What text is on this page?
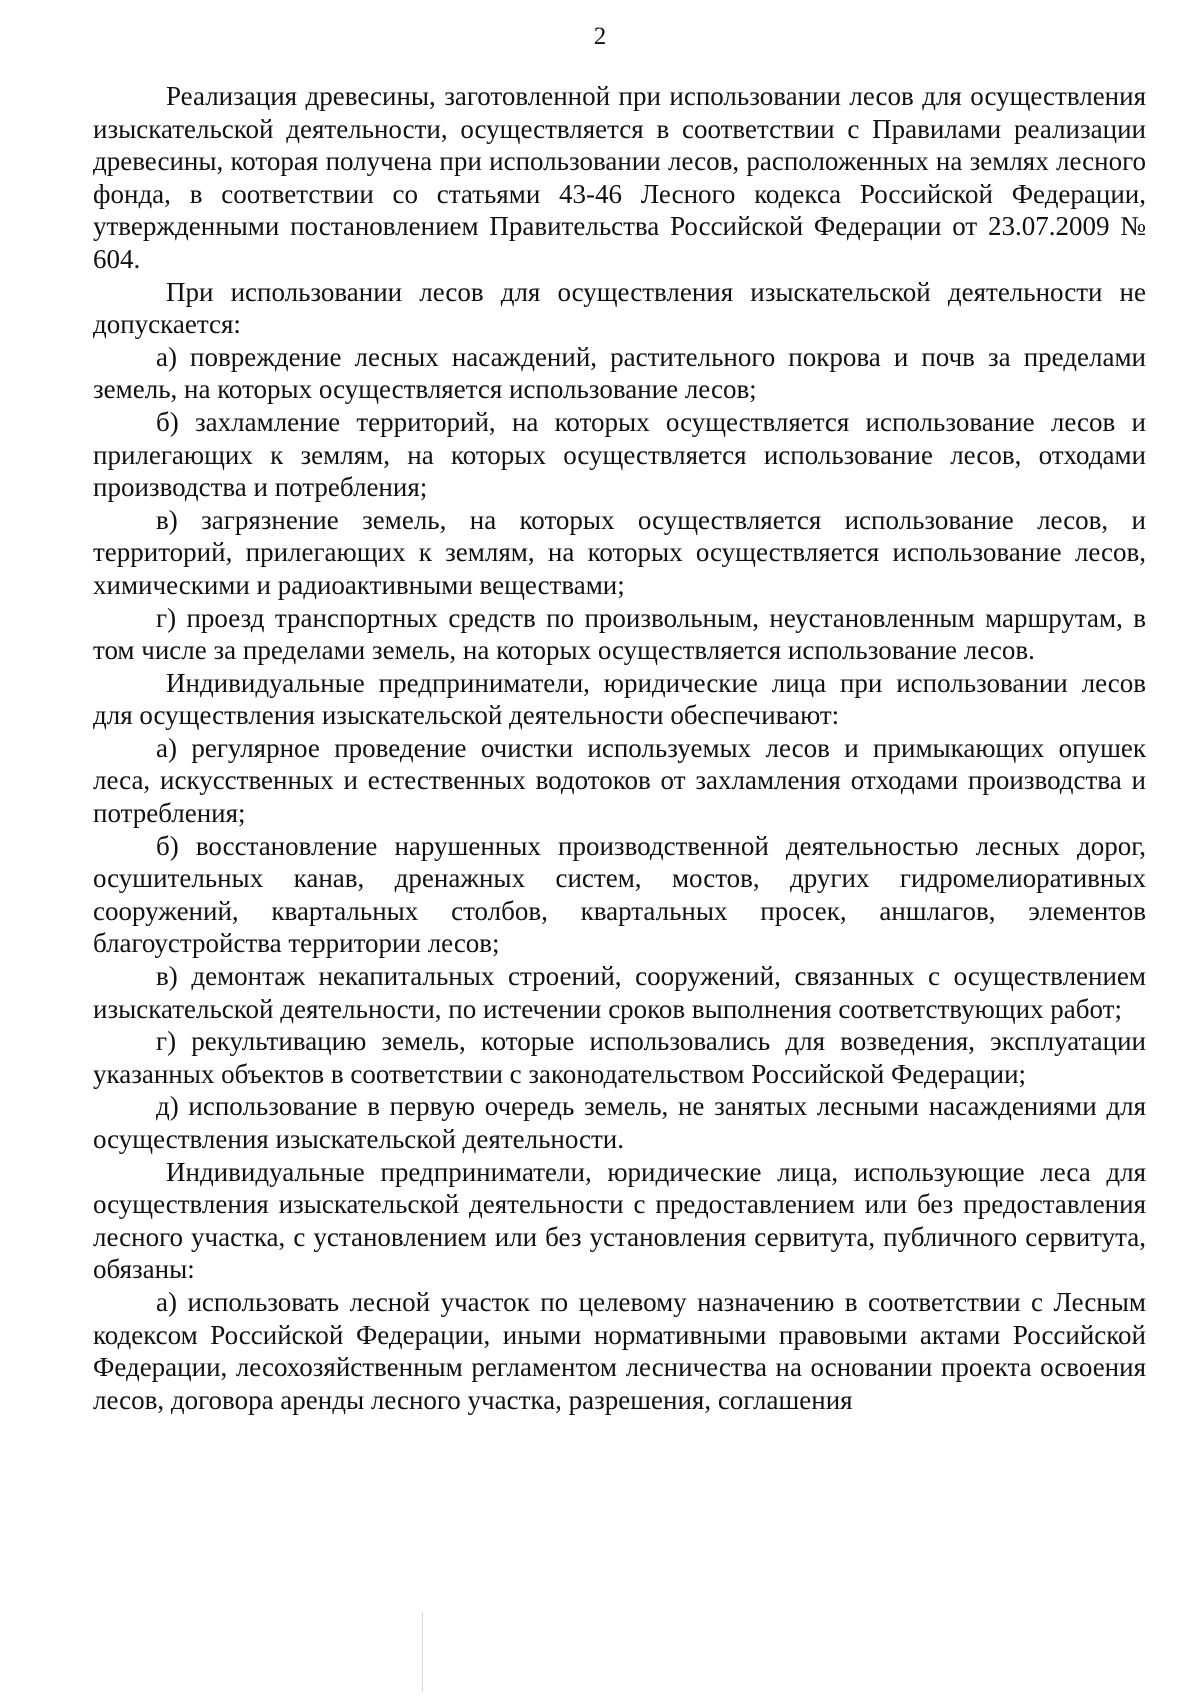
2

Реализация древесины, заготовленной при использовании лесов для осуществления изыскательской деятельности, осуществляется в соответствии с Правилами реализации древесины, которая получена при использовании лесов, расположенных на землях лесного фонда, в соответствии со статьями 43-46 Лесного кодекса Российской Федерации, утвержденными постановлением Правительства Российской Федерации от 23.07.2009 № 604.

При использовании лесов для осуществления изыскательской деятельности не допускается:

а) повреждение лесных насаждений, растительного покрова и почв за пределами земель, на которых осуществляется использование лесов;

б) захламление территорий, на которых осуществляется использование лесов и прилегающих к землям, на которых осуществляется использование лесов, отходами производства и потребления;

в) загрязнение земель, на которых осуществляется использование лесов, и территорий, прилегающих к землям, на которых осуществляется использование лесов, химическими и радиоактивными веществами;

г) проезд транспортных средств по произвольным, неустановленным маршрутам, в том числе за пределами земель, на которых осуществляется использование лесов.

Индивидуальные предприниматели, юридические лица при использовании лесов для осуществления изыскательской деятельности обеспечивают:

а) регулярное проведение очистки используемых лесов и примыкающих опушек леса, искусственных и естественных водотоков от захламления отходами производства и потребления;

б) восстановление нарушенных производственной деятельностью лесных дорог, осушительных канав, дренажных систем, мостов, других гидромелиоративных сооружений, квартальных столбов, квартальных просек, аншлагов, элементов благоустройства территории лесов;

в) демонтаж некапитальных строений, сооружений, связанных с осуществлением изыскательской деятельности, по истечении сроков выполнения соответствующих работ;

г) рекультивацию земель, которые использовались для возведения, эксплуатации указанных объектов в соответствии с законодательством Российской Федерации;

д) использование в первую очередь земель, не занятых лесными насаждениями для осуществления изыскательской деятельности.

Индивидуальные предприниматели, юридические лица, использующие леса для осуществления изыскательской деятельности с предоставлением или без предоставления лесного участка, с установлением или без установления сервитута, публичного сервитута, обязаны:

а) использовать лесной участок по целевому назначению в соответствии с Лесным кодексом Российской Федерации, иными нормативными правовыми актами Российской Федерации, лесохозяйственным регламентом лесничества на основании проекта освоения лесов, договора аренды лесного участка, разрешения, соглашения
